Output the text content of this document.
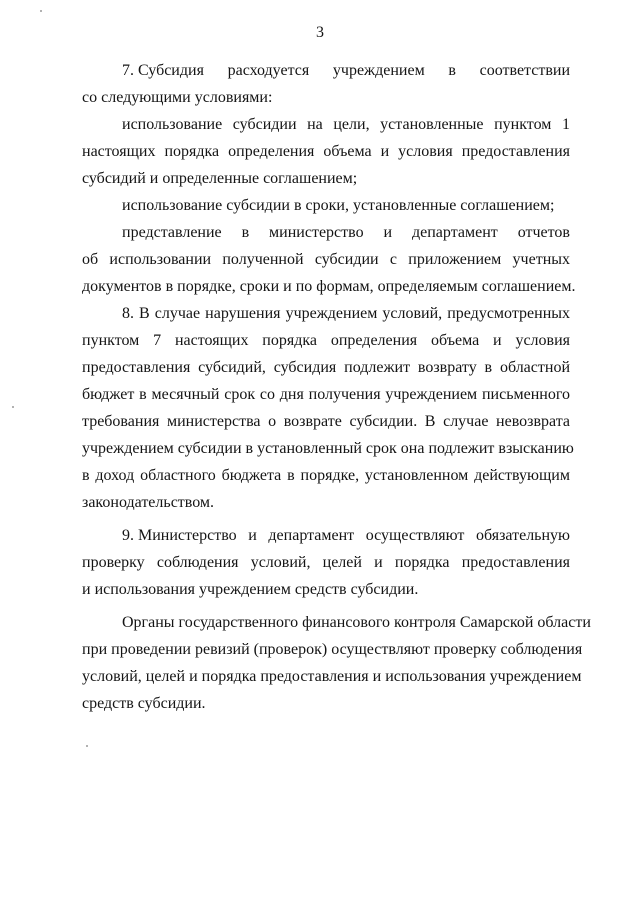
3
7. Субсидия расходуется учреждением в соответствии
со следующими условиями:
использование субсидии на цели, установленные пунктом 1
настоящих порядка определения объема и условия предоставления
субсидий и определенные соглашением;
использование субсидии в сроки, установленные соглашением;
представление в министерство и департамент отчетов
об использовании полученной субсидии с приложением учетных
документов в порядке, сроки и по формам, определяемым соглашением.
8. В случае нарушения учреждением условий, предусмотренных
пунктом 7 настоящих порядка определения объема и условия
предоставления субсидий, субсидия подлежит возврату в областной
бюджет в месячный срок со дня получения учреждением письменного
требования министерства о возврате субсидии. В случае невозврата
учреждением субсидии в установленный срок она подлежит взысканию
в доход областного бюджета в порядке, установленном действующим
законодательством.
9. Министерство и департамент осуществляют обязательную
проверку соблюдения условий, целей и порядка предоставления
и использования учреждением средств субсидии.
Органы государственного финансового контроля Самарской области
при проведении ревизий (проверок) осуществляют проверку соблюдения
условий, целей и порядка предоставления и использования учреждением
средств субсидии.
